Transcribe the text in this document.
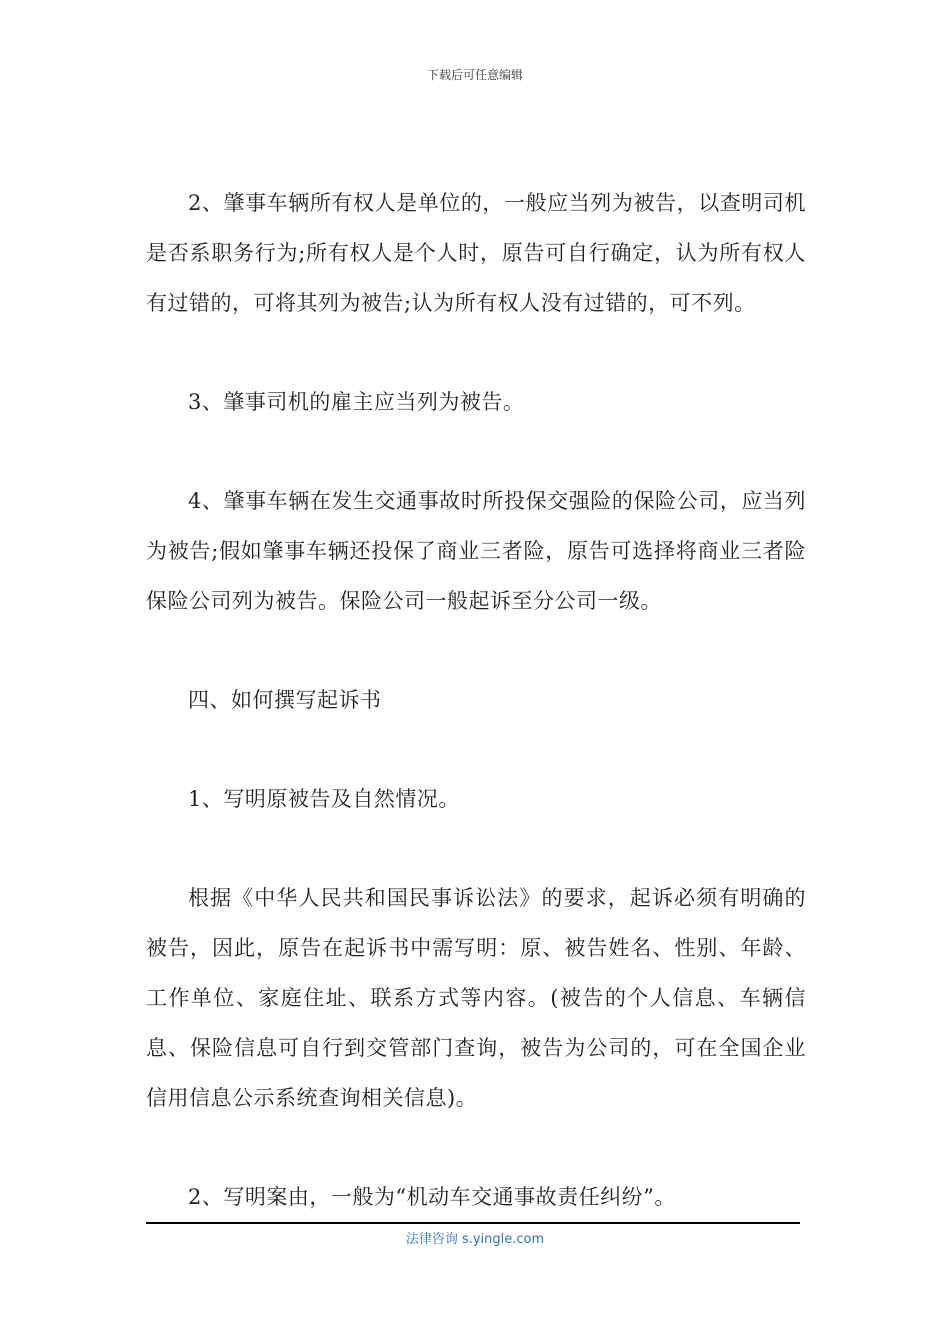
下载后可任意编辑

2、肇事车辆所有权人是单位的，一般应当列为被告，以查明司机是否系职务行为;所有权人是个人时，原告可自行确定，认为所有权人有过错的，可将其列为被告;认为所有权人没有过错的，可不列。

3、肇事司机的雇主应当列为被告。

4、肇事车辆在发生交通事故时所投保交强险的保险公司，应当列为被告;假如肇事车辆还投保了商业三者险，原告可选择将商业三者险保险公司列为被告。保险公司一般起诉至分公司一级。

四、如何撰写起诉书

1、写明原被告及自然情况。

根据《中华人民共和国民事诉讼法》的要求，起诉必须有明确的被告，因此，原告在起诉书中需写明：原、被告姓名、性别、年龄、工作单位、家庭住址、联系方式等内容。(被告的个人信息、车辆信息、保险信息可自行到交管部门查询，被告为公司的，可在全国企业信用信息公示系统查询相关信息)。

2、写明案由，一般为“机动车交通事故责任纠纷”。

法律咨询 s.yingle.com
